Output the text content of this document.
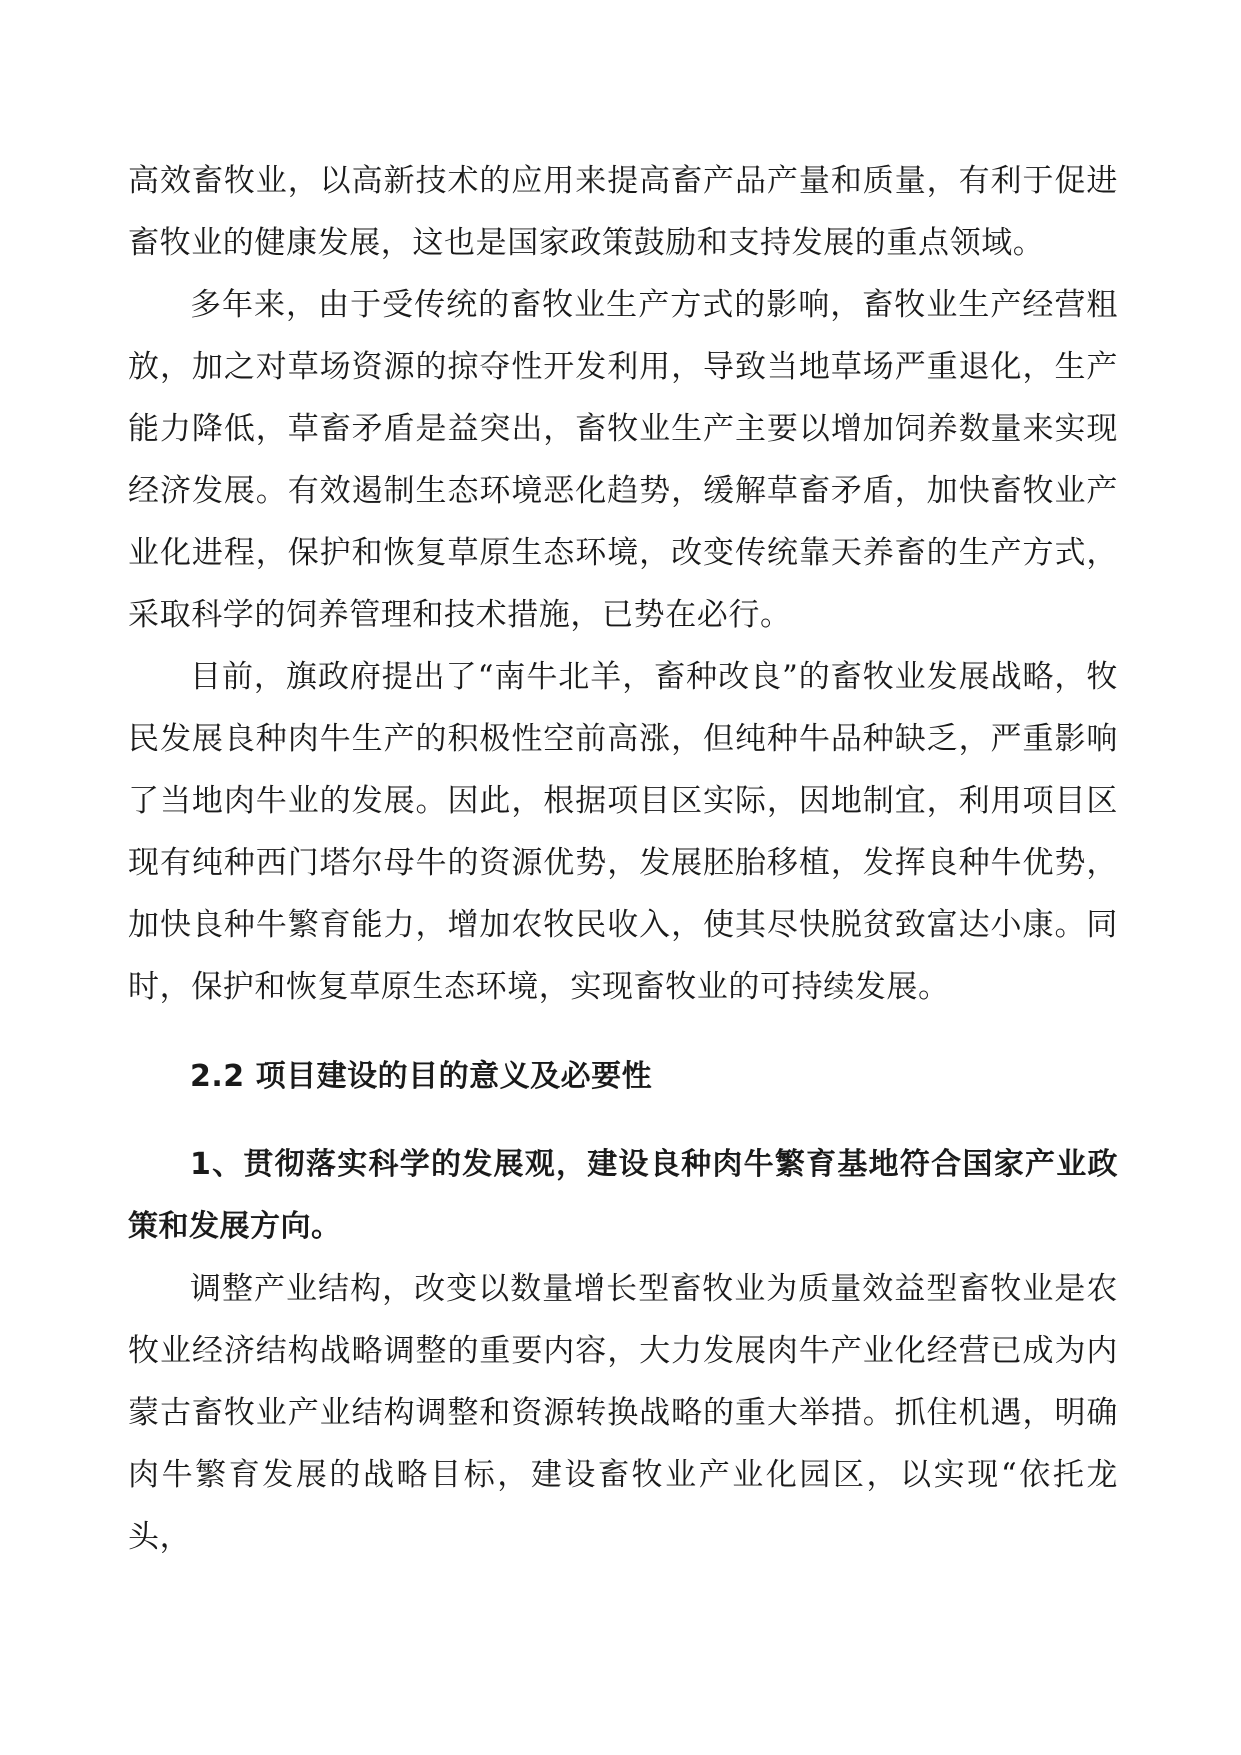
高效畜牧业，以高新技术的应用来提高畜产品产量和质量，有利于促进畜牧业的健康发展，这也是国家政策鼓励和支持发展的重点领域。

多年来，由于受传统的畜牧业生产方式的影响，畜牧业生产经营粗放，加之对草场资源的掠夺性开发利用，导致当地草场严重退化，生产能力降低，草畜矛盾是益突出，畜牧业生产主要以增加饲养数量来实现经济发展。有效遏制生态环境恶化趋势，缓解草畜矛盾，加快畜牧业产业化进程，保护和恢复草原生态环境，改变传统靠天养畜的生产方式，采取科学的饲养管理和技术措施，已势在必行。

目前，旗政府提出了“南牛北羊，畜种改良”的畜牧业发展战略，牧民发展良种肉牛生产的积极性空前高涨，但纯种牛品种缺乏，严重影响了当地肉牛业的发展。因此，根据项目区实际，因地制宜，利用项目区现有纯种西门塔尔母牛的资源优势，发展胚胎移植，发挥良种牛优势，加快良种牛繁育能力，增加农牧民收入，使其尽快脱贫致富达小康。同时，保护和恢复草原生态环境，实现畜牧业的可持续发展。

2.2 项目建设的目的意义及必要性

1、贯彻落实科学的发展观，建设良种肉牛繁育基地符合国家产业政策和发展方向。

调整产业结构，改变以数量增长型畜牧业为质量效益型畜牧业是农牧业经济结构战略调整的重要内容，大力发展肉牛产业化经营已成为内蒙古畜牧业产业结构调整和资源转换战略的重大举措。抓住机遇，明确肉牛繁育发展的战略目标，建设畜牧业产业化园区，以实现“依托龙头，
